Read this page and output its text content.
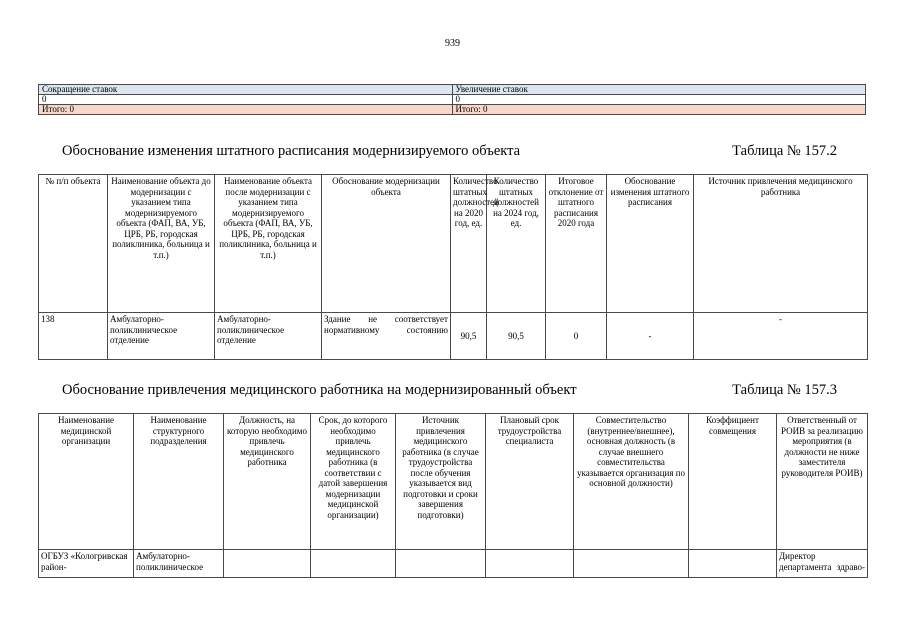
939
Сокращение ставок	Увеличение ставок
0	0
Итого: 0	Итого: 0
Обоснование изменения штатного расписания модернизируемого объекта	Таблица № 157.2
№ п/п объекта	Наименование объекта до модернизации с указанием типа модернизируемого объекта (ФАП, ВА, УБ, ЦРБ, РБ, городская поликлиника, больница и т.п.)	Наименование объекта после модернизации с указанием типа модернизируемого объекта (ФАП, ВА, УБ, ЦРБ, РБ, городская поликлиника, больница и т.п.)	Обоснование модернизации объекта	Количество штатных должностей на 2020 год, ед.	Количество штатных должностей на 2024 год, ед.	Итоговое отклонение от штатного расписания 2020 года	Обоснование изменения штатного расписания	Источник привлечения медицинского работника
138	Амбулаторно-поликлиническое отделение	Амбулаторно-поликлиническое отделение	Здание не соответствует нормативному состоянию	90,5	90,5	0	-	-
Обоснование привлечения медицинского работника на модернизированный объект	Таблица № 157.3
Наименование медицинской организации	Наименование структурного подразделения	Должность, на которую необходимо привлечь медицинского работника	Срок, до которого необходимо привлечь медицинского работника (в соответствии с датой завершения модернизации медицинской организации)	Источник привлечения медицинского работника (в случае трудоустройства после обучения указывается вид подготовки и сроки завершения подготовки)	Плановый срок трудоустройства специалиста	Совместительство (внутреннее/внешнее), основная должность (в случае внешнего совместительства указывается организация по основной должности)	Коэффициент совмещения	Ответственный от РОИВ за реализацию мероприятия (в должности не ниже заместителя руководителя РОИВ)
ОГБУЗ «Кологривская район-	Амбулаторно-поликлиническое							Директор департамента здраво-
